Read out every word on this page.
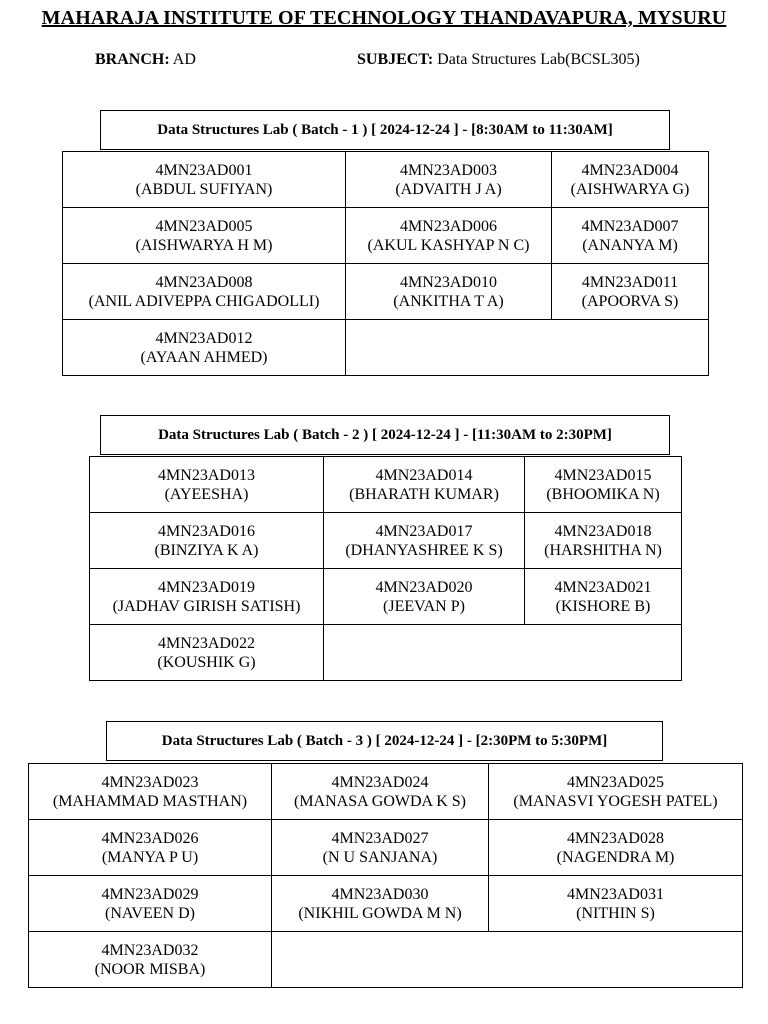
MAHARAJA INSTITUTE OF TECHNOLOGY THANDAVAPURA, MYSURU
BRANCH: AD	SUBJECT: Data Structures Lab(BCSL305)
Data Structures Lab ( Batch - 1 ) [ 2024-12-24 ] - [8:30AM to 11:30AM]
4MN23AD001
(ABDUL SUFIYAN)	4MN23AD003
(ADVAITH J A)	4MN23AD004
(AISHWARYA G)

4MN23AD005
(AISHWARYA H M)	4MN23AD006
(AKUL KASHYAP N C)	4MN23AD007
(ANANYA M)

4MN23AD008
(ANIL ADIVEPPA CHIGADOLLI)	4MN23AD010
(ANKITHA T A)	4MN23AD011
(APOORVA S)

4MN23AD012
(AYAAN AHMED)		

Data Structures Lab ( Batch - 2 ) [ 2024-12-24 ] - [11:30AM to 2:30PM]
4MN23AD013
(AYEESHA)	4MN23AD014
(BHARATH KUMAR)	4MN23AD015
(BHOOMIKA N)

4MN23AD016
(BINZIYA K A)	4MN23AD017
(DHANYASHREE K S)	4MN23AD018
(HARSHITHA N)

4MN23AD019
(JADHAV GIRISH SATISH)	4MN23AD020
(JEEVAN P)	4MN23AD021
(KISHORE B)

4MN23AD022
(KOUSHIK G)		

Data Structures Lab ( Batch - 3 ) [ 2024-12-24 ] - [2:30PM to 5:30PM]
4MN23AD023
(MAHAMMAD MASTHAN)	4MN23AD024
(MANASA GOWDA K S)	4MN23AD025
(MANASVI YOGESH PATEL)

4MN23AD026
(MANYA P U)	4MN23AD027
(N U SANJANA)	4MN23AD028
(NAGENDRA M)

4MN23AD029
(NAVEEN D)	4MN23AD030
(NIKHIL GOWDA M N)	4MN23AD031
(NITHIN S)

4MN23AD032
(NOOR MISBA)		
